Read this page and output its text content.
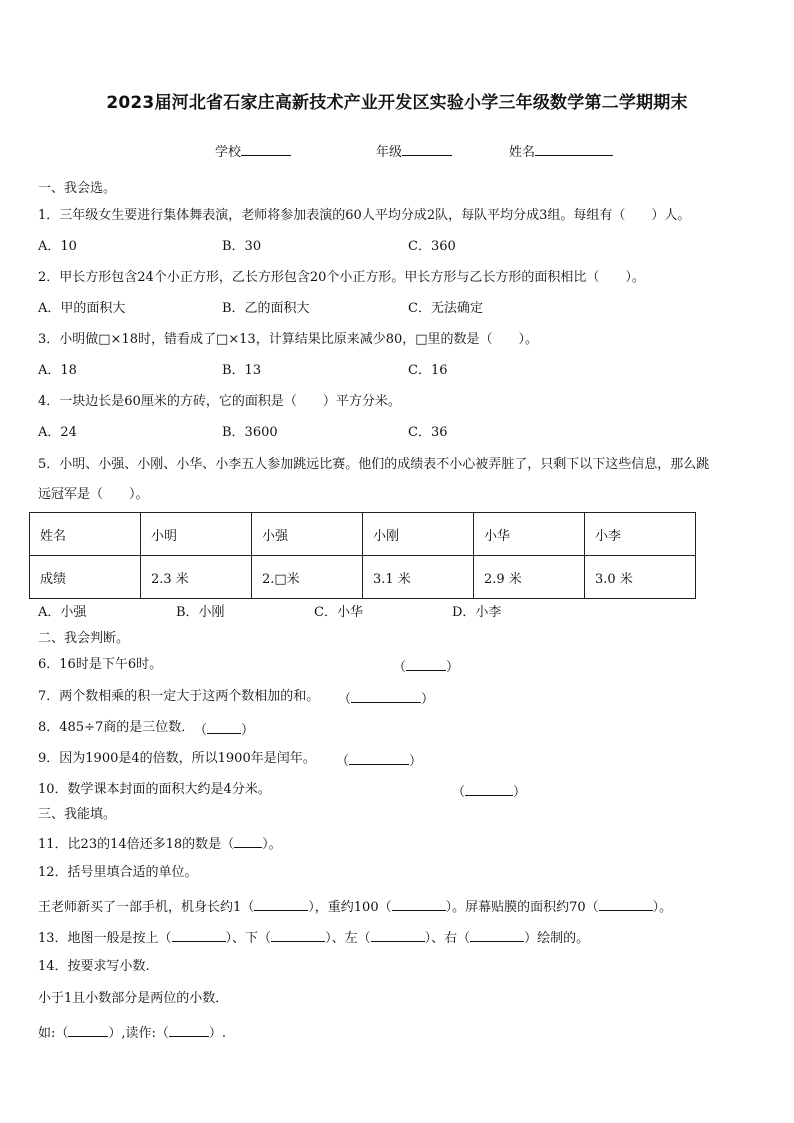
2023届河北省石家庄高新技术产业开发区实验小学三年级数学第二学期期末
学校	年级	姓名
一、我会选。
1．三年级女生要进行集体舞表演，老师将参加表演的60人平均分成2队，每队平均分成3组。每组有（　　）人。
A．10	B．30	C．360
2．甲长方形包含24个小正方形，乙长方形包含20个小正方形。甲长方形与乙长方形的面积相比（　　）。
A．甲的面积大	B．乙的面积大	C．无法确定
3．小明做□×18时，错看成了□×13，计算结果比原来减少80，□里的数是（　　）。
A．18	B．13	C．16
4．一块边长是60厘米的方砖，它的面积是（　　）平方分米。
A．24	B．3600	C．36
5．小明、小强、小刚、小华、小李五人参加跳远比赛。他们的成绩表不小心被弄脏了，只剩下以下这些信息，那么跳
远冠军是（　　）。
姓名	小明	小强	小刚	小华	小李
成绩	2.3 米	2.□米	3.1 米	2.9 米	3.0 米
A．小强	B．小刚	C．小华	D．小李
二、我会判断。
6．16时是下午6时。	（	）
7．两个数相乘的积一定大于这两个数相加的和。 （	）
8．485÷7商的是三位数． （	）
9．因为1900是4的倍数，所以1900年是闰年。 （	）
10．数学课本封面的面积大约是4分米。	（	）
三、我能填。
11．比23的14倍还多18的数是（ ）。
12．括号里填合适的单位。
王老师新买了一部手机，机身长约1（	），重约100（	）。屏幕贴膜的面积约70（	）。
13．地图一般是按上（	）、下（	）、左（	）、右（	）绘制的。
14．按要求写小数.
小于1且小数部分是两位的小数．
如:（	）,读作:（	）.
